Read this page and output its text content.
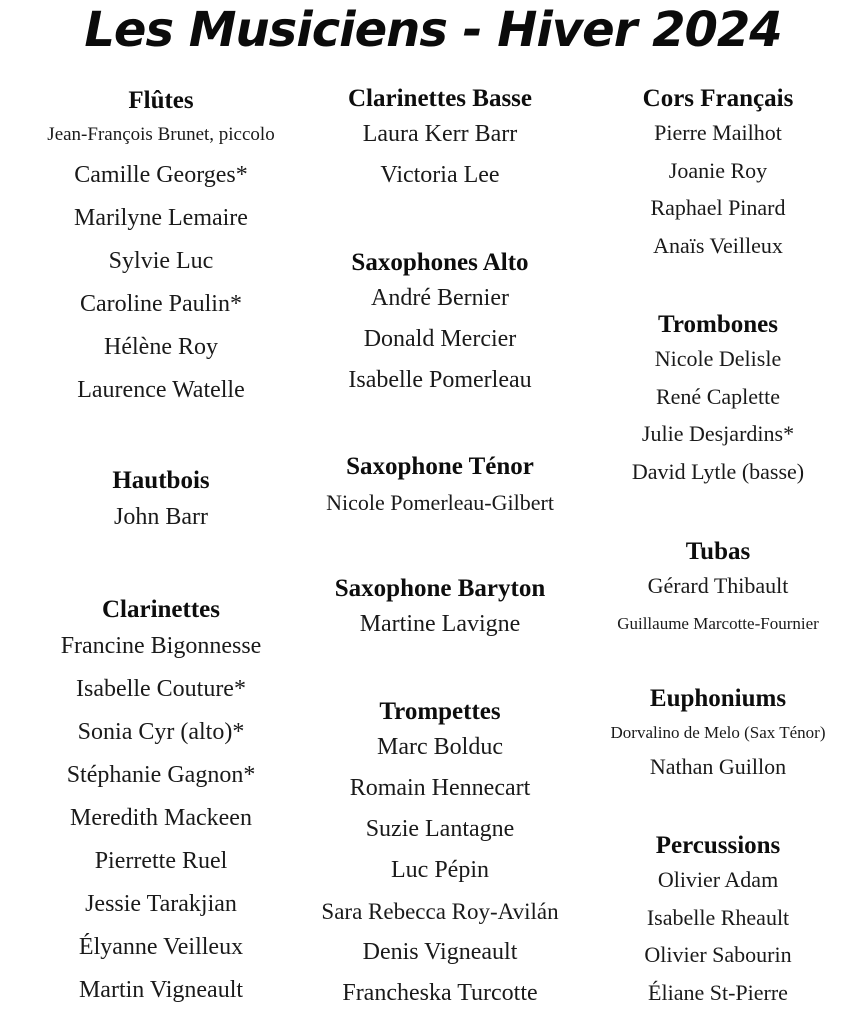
Les Musiciens - Hiver 2024
Flûtes
Jean-François Brunet, piccolo
Camille Georges*
Marilyne Lemaire
Sylvie Luc
Caroline Paulin*
Hélène Roy
Laurence Watelle
Hautbois
John Barr
Clarinettes
Francine Bigonnesse
Isabelle Couture*
Sonia Cyr (alto)*
Stéphanie Gagnon*
Meredith Mackeen
Pierrette Ruel
Jessie Tarakjian
Élyanne Veilleux
Martin Vigneault
Clarinettes Basse
Laura Kerr Barr
Victoria Lee
Saxophones Alto
André Bernier
Donald Mercier
Isabelle Pomerleau
Saxophone Ténor
Nicole Pomerleau-Gilbert
Saxophone Baryton
Martine Lavigne
Trompettes
Marc Bolduc
Romain Hennecart
Suzie Lantagne
Luc Pépin
Sara Rebecca Roy-Avilán
Denis Vigneault
Francheska Turcotte
Cors Français
Pierre Mailhot
Joanie Roy
Raphael Pinard
Anaïs Veilleux
Trombones
Nicole Delisle
René Caplette
Julie Desjardins*
David Lytle (basse)
Tubas
Gérard Thibault
Guillaume Marcotte-Fournier
Euphoniums
Dorvalino de Melo (Sax Ténor)
Nathan Guillon
Percussions
Olivier Adam
Isabelle Rheault
Olivier Sabourin
Éliane St-Pierre
